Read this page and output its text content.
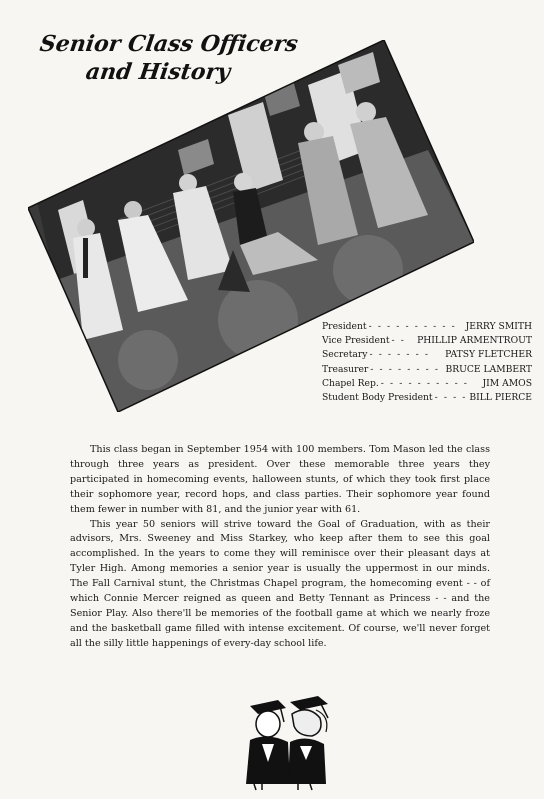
Senior Class Officers
and History
President - - - - - - - - - -	JERRY SMITH
Vice President - -	PHILLIP ARMENTROUT
Secretary - - - - - - -	PATSY FLETCHER
Treasurer - - - - - - - - BRUCE LAMBERT
Chapel Rep. - - - - - - - - - -	JIM AMOS
Student Body President - - - - BILL PIERCE

This class began in September 1954 with 100 members. Tom Mason led the class through three years as president. Over these memorable three years they participated in homecoming events, halloween stunts, of which they took first place their sophomore year, record hops, and class parties. Their sophomore year found them fewer in number with 81, and the junior year with 61.

This year 50 seniors will strive toward the Goal of Graduation, with as their advisors, Mrs. Sweeney and Miss Starkey, who keep after them to see this goal accomplished. In the years to come they will reminisce over their pleasant days at Tyler High. Among memories a senior year is usually the uppermost in our minds. The Fall Carnival stunt, the Christmas Chapel program, the homecoming event - - of which Connie Mercer reigned as queen and Betty Tennant as Princess - - and the Senior Play. Also there'll be memories of the football game at which we nearly froze and the basketball game filled with intense excitement. Of course, we'll never forget all the silly little happenings of every-day school life.
